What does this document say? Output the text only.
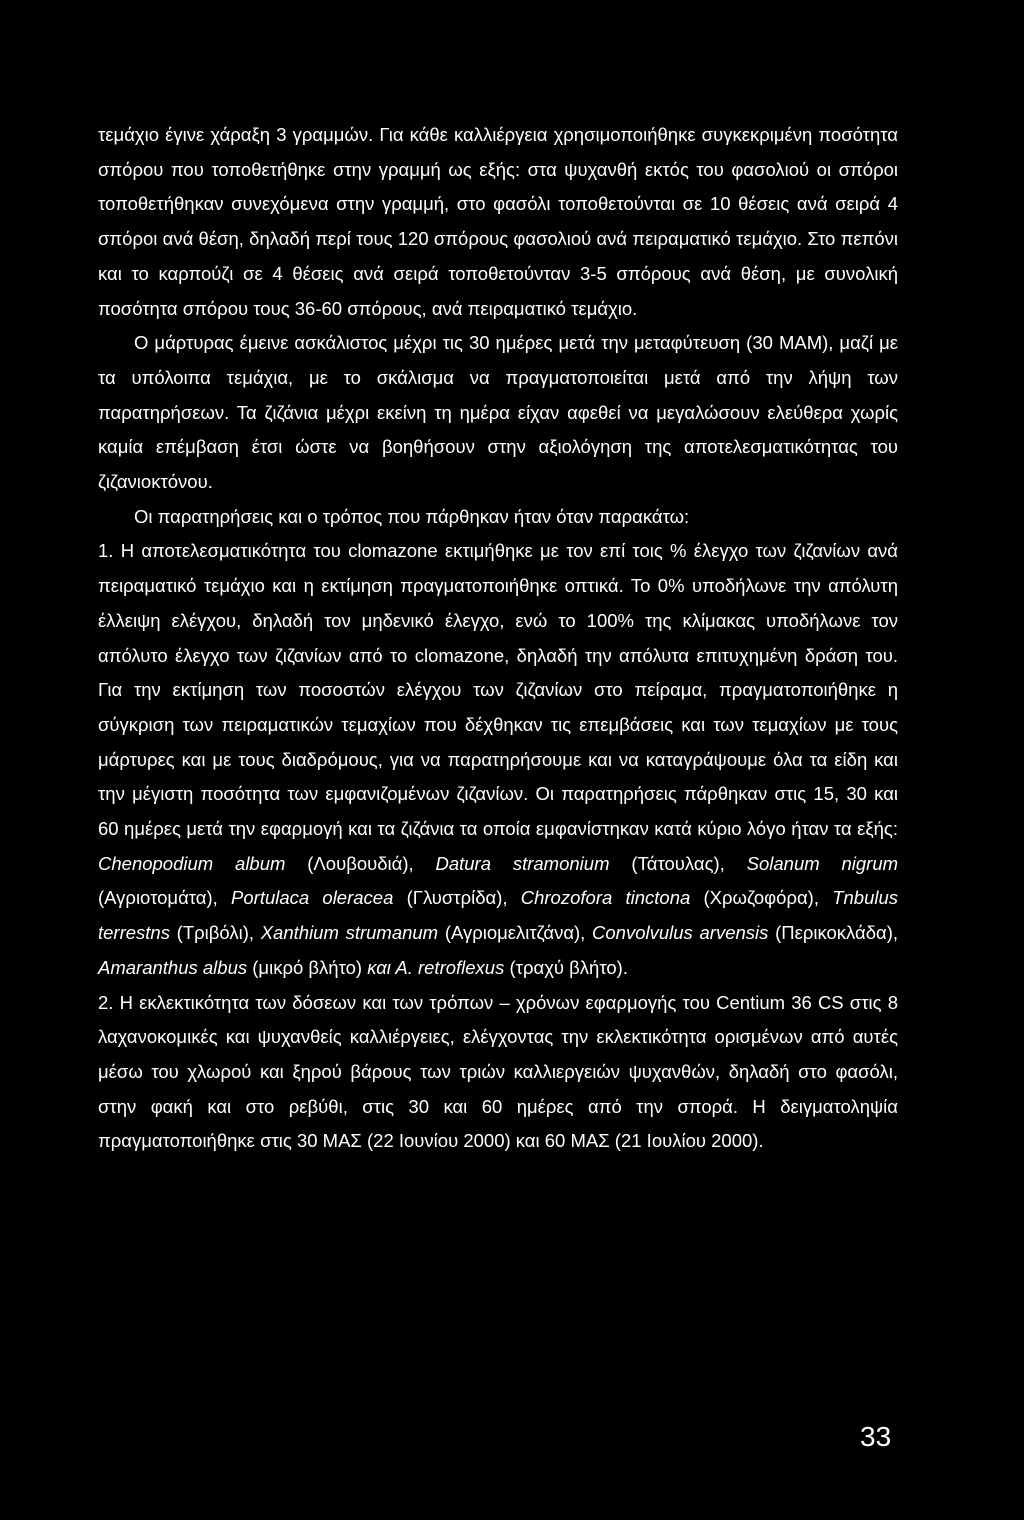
τεμάχιο έγινε χάραξη 3 γραμμών. Για κάθε καλλιέργεια χρησιμοποιήθηκε συγκεκριμένη ποσότητα σπόρου που τοποθετήθηκε στην γραμμή ως εξής: στα ψυχανθή εκτός του φασολιού οι σπόροι τοποθετήθηκαν συνεχόμενα στην γραμμή, στο φασόλι τοποθετούνται σε 10 θέσεις ανά σειρά 4 σπόροι ανά θέση, δηλαδή περί τους 120 σπόρους φασολιού ανά πειραματικό τεμάχιο. Στο πεπόνι και το καρπούζι σε 4 θέσεις ανά σειρά τοποθετούνταν 3-5 σπόρους ανά θέση, με συνολική ποσότητα σπόρου τους 36-60 σπόρους, ανά πειραματικό τεμάχιο.

Ο μάρτυρας έμεινε ασκάλιστος μέχρι τις 30 ημέρες μετά την μεταφύτευση (30 ΜΑΜ), μαζί με τα υπόλοιπα τεμάχια, με το σκάλισμα να πραγματοποιείται μετά από την λήψη των παρατηρήσεων. Τα ζιζάνια μέχρι εκείνη τη ημέρα είχαν αφεθεί να μεγαλώσουν ελεύθερα χωρίς καμία επέμβαση έτσι ώστε να βοηθήσουν στην αξιολόγηση της αποτελεσματικότητας του ζιζανιοκτόνου.

Οι παρατηρήσεις και ο τρόπος που πάρθηκαν ήταν όταν παρακάτω:

1. Η αποτελεσματικότητα του clomazone εκτιμήθηκε με τον επί τοις % έλεγχο των ζιζανίων ανά πειραματικό τεμάχιο και η εκτίμηση πραγματοποιήθηκε οπτικά. Το 0% υποδήλωνε την απόλυτη έλλειψη ελέγχου, δηλαδή τον μηδενικό έλεγχο, ενώ το 100% της κλίμακας υποδήλωνε τον απόλυτο έλεγχο των ζιζανίων από το clomazone, δηλαδή την απόλυτα επιτυχημένη δράση του. Για την εκτίμηση των ποσοστών ελέγχου των ζιζανίων στο πείραμα, πραγματοποιήθηκε η σύγκριση των πειραματικών τεμαχίων που δέχθηκαν τις επεμβάσεις και των τεμαχίων με τους μάρτυρες και με τους διαδρόμους, για να παρατηρήσουμε και να καταγράψουμε όλα τα είδη και την μέγιστη ποσότητα των εμφανιζομένων ζιζανίων. Οι παρατηρήσεις πάρθηκαν στις 15, 30 και 60 ημέρες μετά την εφαρμογή και τα ζιζάνια τα οποία εμφανίστηκαν κατά κύριο λόγο ήταν τα εξής: Chenopodium album (Λουβουδιά), Datura stramonium (Τάτουλας), Solanum nigrum (Αγριοτομάτα), Portulaca oleracea (Γλυστρίδα), Chrozofora tinctona (Χρωζοφόρα), Tnbulus terrestns (Τριβόλι), Xanthium strumanum (Αγριομελιτζάνα), Convolvulus arvensis (Περικοκλάδα), Amaranthus albus (μικρό βλήτο) και Α. retroflexus (τραχύ βλήτο).

2. Η εκλεκτικότητα των δόσεων και των τρόπων – χρόνων εφαρμογής του Centium 36 CS στις 8 λαχανοκομικές και ψυχανθείς καλλιέργειες, ελέγχοντας την εκλεκτικότητα ορισμένων από αυτές μέσω του χλωρού και ξηρού βάρους των τριών καλλιεργειών ψυχανθών, δηλαδή στο φασόλι, στην φακή και στο ρεβύθι, στις 30 και 60 ημέρες από την σπορά. Η δειγματοληψία πραγματοποιήθηκε στις 30 ΜΑΣ (22 Ιουνίου 2000) και 60 ΜΑΣ (21 Ιουλίου 2000).

33
